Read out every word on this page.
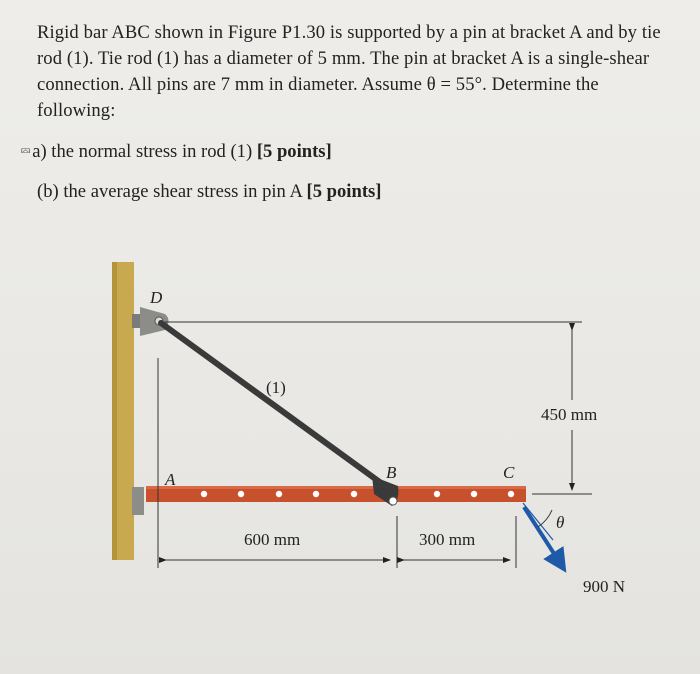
Rigid bar ABC shown in Figure P1.30 is supported by a pin at bracket A and by tie
rod (1). Tie rod (1) has a diameter of 5 mm. The pin at bracket A is a single-shear
connection. All pins are 7 mm in diameter. Assume θ = 55°. Determine the
following:
⮹a) the normal stress in rod (1) [5 points]
(b) the average shear stress in pin A [5 points]
D
A	B	C
(1)
450 mm
600 mm	300 mm
900 N
θ
